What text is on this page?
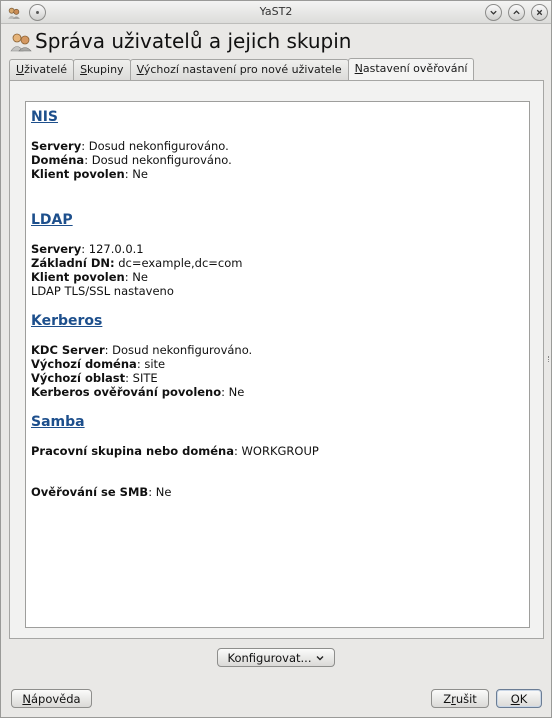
YaST2
Správa uživatelů a jejich skupin
Uživatelé	Skupiny	Výchozí nastavení pro nové uživatele	Nastavení ověřování
NIS
Servery: Dosud nekonfigurováno.
Doména: Dosud nekonfigurováno.
Klient povolen: Ne
LDAP
Servery: 127.0.0.1
Základní DN: dc=example,dc=com
Klient povolen: Ne
LDAP TLS/SSL nastaveno
Kerberos
KDC Server: Dosud nekonfigurováno.
Výchozí doména: site
Výchozí oblast: SITE
Kerberos ověřování povoleno: Ne
Samba
Pracovní skupina nebo doména: WORKGROUP
Ověřování se SMB: Ne
Konfigurovat...
N ápověda	Z r ušit	O K
